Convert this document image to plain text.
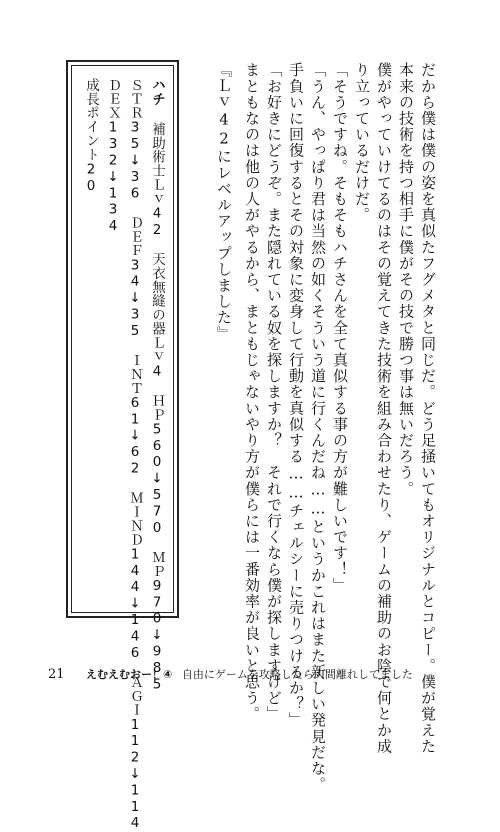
だから僕は僕の姿を真似たフグメタと同じだ。どう足掻いてもオリジナルとコピー。僕が覚えた
本来の技術を持つ相手に僕がその技で勝つ事は無いだろう。
僕がやっていけてるのはその覚えてきた技術を組み合わせたり、ゲームの補助のお陰で何とか成
り立っているだけだ。
「そうですね。そもそもハチさんを全て真似する事の方が難しいです！」
「うん、やっぱり君は当然の如くそういう道に行くんだね……というかこれはまた新しい発見だな。
手負いに回復するとその対象に変身して行動を真似する……チェルシーに売りつけるか？」
「お好きにどうぞ。また隠れている奴を探しますか？　それで行くなら僕が探しますけど」
まともなのは他の人がやるから、まともじゃないやり方が僕らには一番効率が良いと思う。
『Ｌｖ42にレベルアップしました』
ハチ
補助術士Ｌｖ42　天衣無縫の器Ｌｖ4　ＨＰ560↓570　ＭＰ970↓985
ＳＴＲ35↓36　ＤＥＦ34↓35　ＩＮＴ61↓62　ＭＩＮＤ144↓146　ＡＧＩ112↓114
ＤＥＸ132↓134
成長ポイント20
21 えむえむおー！④ 自由にゲームを攻略したら人間離れしてました
